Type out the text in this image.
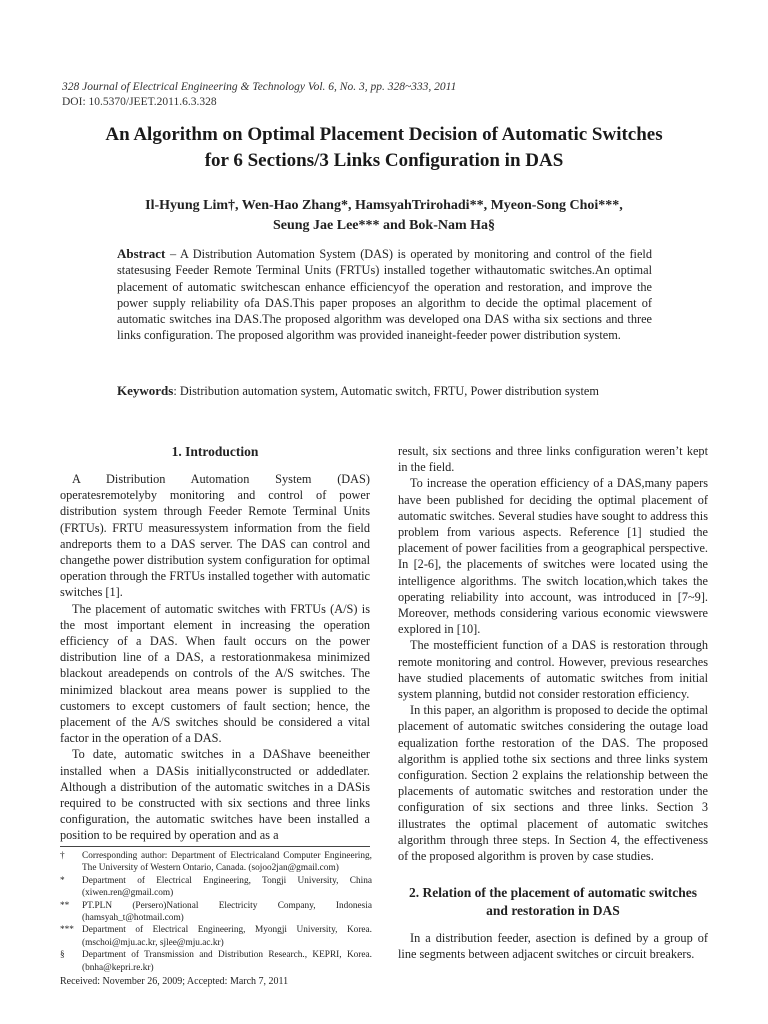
328 Journal of Electrical Engineering & Technology Vol. 6, No. 3, pp. 328~333, 2011
DOI: 10.5370/JEET.2011.6.3.328
An Algorithm on Optimal Placement Decision of Automatic Switches
for 6 Sections/3 Links Configuration in DAS
Il-Hyung Lim†, Wen-Hao Zhang*, HamsyahTrirohadi**, Myeon-Song Choi***,
Seung Jae Lee*** and Bok-Nam Ha§
Abstract – A Distribution Automation System (DAS) is operated by monitoring and control of the field statesusing Feeder Remote Terminal Units (FRTUs) installed together withautomatic switches.An optimal placement of automatic switchescan enhance efficiencyof the operation and restoration, and improve the power supply reliability ofa DAS.This paper proposes an algorithm to decide the optimal placement of automatic switches ina DAS.The proposed algorithm was developed ona DAS witha six sections and three links configuration. The proposed algorithm was provided inaneight-feeder power distribution system.
Keywords: Distribution automation system, Automatic switch, FRTU, Power distribution system
1. Introduction

A Distribution Automation System (DAS) operatesremotelyby monitoring and control of power distribution system through Feeder Remote Terminal Units (FRTUs). FRTU measuressystem information from the field andreports them to a DAS server. The DAS can control and changethe power distribution system configuration for optimal operation through the FRTUs installed together with automatic switches [1].

The placement of automatic switches with FRTUs (A/S) is the most important element in increasing the operation efficiency of a DAS. When fault occurs on the power distribution line of a DAS, a restorationmakesa minimized blackout areadepends on controls of the A/S switches. The minimized blackout area means power is supplied to the customers to except customers of fault section; hence, the placement of the A/S switches should be considered a vital factor in the operation of a DAS.

To date, automatic switches in a DAShave beeneither installed when a DASis initiallyconstructed or addedlater. Although a distribution of the automatic switches in a DASis required to be constructed with six sections and three links configuration, the automatic switches have been installed a position to be required by operation and as a

†	Corresponding author: Department of Electricaland Computer Engineering, The University of Western Ontario, Canada. (sojoo2jan@gmail.com)
*	Department of Electrical Engineering, Tongji University, China (xiwen.ren@gmail.com)
**	PT.PLN (Persero)National Electricity Company, Indonesia (hamsyah_t@hotmail.com)
*** Department of Electrical Engineering, Myongji University, Korea.(mschoi@mju.ac.kr, sjlee@mju.ac.kr)
§	Department of Transmission and Distribution Research., KEPRI, Korea.(bnha@kepri.re.kr)
Received: November 26, 2009; Accepted: March 7, 2011

result, six sections and three links configuration weren’t kept in the field.

To increase the operation efficiency of a DAS,many papers have been published for deciding the optimal placement of automatic switches. Several studies have sought to address this problem from various aspects. Reference [1] studied the placement of power facilities from a geographical perspective. In [2-6], the placements of switches were located using the intelligence algorithms. The switch location,which takes the operating reliability into account, was introduced in [7~9]. Moreover, methods considering various economic viewswere explored in [10].

The mostefficient function of a DAS is restoration through remote monitoring and control. However, previous researches have studied placements of automatic switches from initial system planning, butdid not consider restoration efficiency.

In this paper, an algorithm is proposed to decide the optimal placement of automatic switches considering the outage load equalization forthe restoration of the DAS. The proposed algorithm is applied tothe six sections and three links system configuration. Section 2 explains the relationship between the placements of automatic switches and restoration under the configuration of six sections and three links. Section 3 illustrates the optimal placement of automatic switches algorithm through three steps. In Section 4, the effectiveness of the proposed algorithm is proven by case studies.

2. Relation of the placement of automatic switches
and restoration in DAS

In a distribution feeder, asection is defined by a group of line segments between adjacent switches or circuit breakers.
